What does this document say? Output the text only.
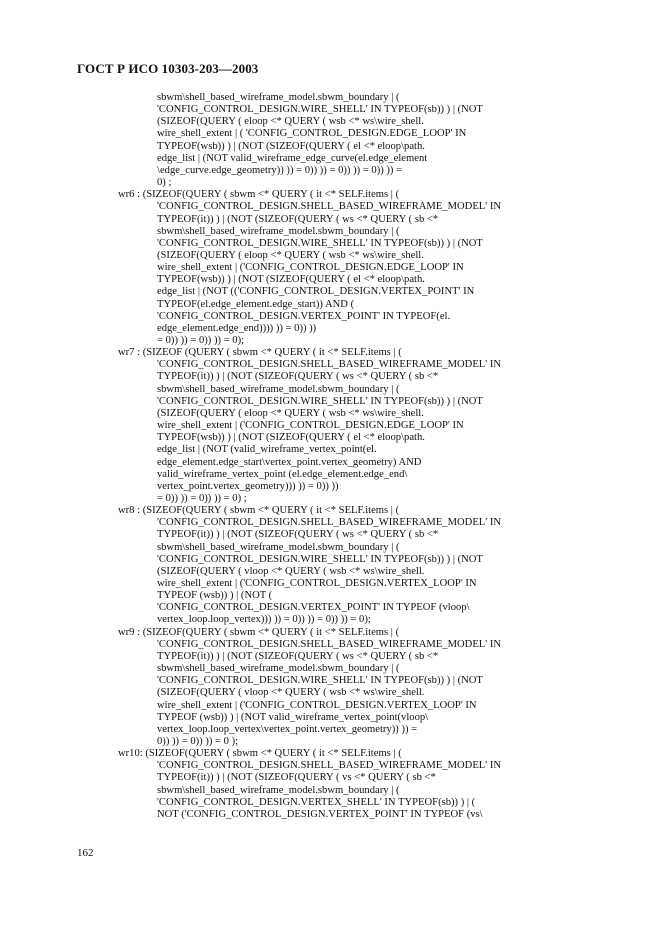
ГОСТ Р ИСО 10303-203—2003
sbwm\shell_based_wireframe_model.sbwm_boundary | (
'CONFIG_CONTROL_DESIGN.WIRE_SHELL' IN TYPEOF(sb)) ) | (NOT
(SIZEOF(QUERY ( eloop <* QUERY ( wsb <* ws\wire_shell.
wire_shell_extent | ( 'CONFIG_CONTROL_DESIGN.EDGE_LOOP' IN
TYPEOF(wsb)) ) | (NOT (SIZEOF(QUERY ( el <* eloop\path.
edge_list | (NOT valid_wireframe_edge_curve(el.edge_element
\edge_curve.edge_geometry)) )) = 0)) )) = 0)) )) = 0)) )) =
0) ;
wr6 : (SIZEOF(QUERY ( sbwm <* QUERY ( it <* SELF.items | (
'CONFIG_CONTROL_DESIGN.SHELL_BASED_WIREFRAME_MODEL' IN
TYPEOF(it)) ) | (NOT (SIZEOF(QUERY ( ws <* QUERY ( sb <*
sbwm\shell_based_wireframe_model.sbwm_boundary | (
'CONFIG_CONTROL_DESIGN.WIRE_SHELL' IN TYPEOF(sb)) ) | (NOT
(SIZEOF(QUERY ( eloop <* QUERY ( wsb <* ws\wire_shell.
wire_shell_extent | ('CONFIG_CONTROL_DESIGN.EDGE_LOOP' IN
TYPEOF(wsb)) ) | (NOT (SIZEOF(QUERY ( el <* eloop\path.
edge_list | (NOT (('CONFIG_CONTROL_DESIGN.VERTEX_POINT' IN
TYPEOF(el.edge_element.edge_start)) AND (
'CONFIG_CONTROL_DESIGN.VERTEX_POINT' IN TYPEOF(el.
edge_element.edge_end)))) )) = 0)) ))
= 0)) )) = 0)) )) = 0);
wr7 : (SIZEOF (QUERY ( sbwm <* QUERY ( it <* SELF.items | (
'CONFIG_CONTROL_DESIGN.SHELL_BASED_WIREFRAME_MODEL' IN
TYPEOF(it)) ) | (NOT (SIZEOF(QUERY ( ws <* QUERY ( sb <*
sbwm\shell_based_wireframe_model.sbwm_boundary | (
'CONFIG_CONTROL_DESIGN.WIRE_SHELL' IN TYPEOF(sb)) ) | (NOT
(SIZEOF(QUERY ( eloop <* QUERY ( wsb <* ws\wire_shell.
wire_shell_extent | ('CONFIG_CONTROL_DESIGN.EDGE_LOOP' IN
TYPEOF(wsb)) ) | (NOT (SIZEOF(QUERY ( el <* eloop\path.
edge_list | (NOT (valid_wireframe_vertex_point(el.
edge_element.edge_start\vertex_point.vertex_geometry) AND
valid_wireframe_vertex_point (el.edge_element.edge_end\
vertex_point.vertex_geometry))) )) = 0)) ))
= 0)) )) = 0)) )) = 0) ;
wr8 : (SIZEOF(QUERY ( sbwm <* QUERY ( it <* SELF.items | (
'CONFIG_CONTROL_DESIGN.SHELL_BASED_WIREFRAME_MODEL' IN
TYPEOF(it)) ) | (NOT (SIZEOF(QUERY ( ws <* QUERY ( sb <*
sbwm\shell_based_wireframe_model.sbwm_boundary | (
'CONFIG_CONTROL_DESIGN.WIRE_SHELL' IN TYPEOF(sb)) ) | (NOT
(SIZEOF(QUERY ( vloop <* QUERY ( wsb <* ws\wire_shell.
wire_shell_extent | ('CONFIG_CONTROL_DESIGN.VERTEX_LOOP' IN
TYPEOF (wsb)) ) | (NOT (
'CONFIG_CONTROL_DESIGN.VERTEX_POINT' IN TYPEOF (vloop\
vertex_loop.loop_vertex))) )) = 0)) )) = 0)) )) = 0);
wr9 : (SIZEOF(QUERY ( sbwm <* QUERY ( it <* SELF.items | (
'CONFIG_CONTROL_DESIGN.SHELL_BASED_WIREFRAME_MODEL' IN
TYPEOF(it)) ) | (NOT (SIZEOF(QUERY ( ws <* QUERY ( sb <*
sbwm\shell_based_wireframe_model.sbwm_boundary | (
'CONFIG_CONTROL_DESIGN.WIRE_SHELL' IN TYPEOF(sb)) ) | (NOT
(SIZEOF(QUERY ( vloop <* QUERY ( wsb <* ws\wire_shell.
wire_shell_extent | ('CONFIG_CONTROL_DESIGN.VERTEX_LOOP' IN
TYPEOF (wsb)) ) | (NOT valid_wireframe_vertex_point(vloop\
vertex_loop.loop_vertex\vertex_point.vertex_geometry)) )) =
0)) )) = 0)) )) = 0 );
wr10: (SIZEOF(QUERY ( sbwm <* QUERY ( it <* SELF.items | (
'CONFIG_CONTROL_DESIGN.SHELL_BASED_WIREFRAME_MODEL' IN
TYPEOF(it)) ) | (NOT (SIZEOF(QUERY ( vs <* QUERY ( sb <*
sbwm\shell_based_wireframe_model.sbwm_boundary | (
'CONFIG_CONTROL_DESIGN.VERTEX_SHELL' IN TYPEOF(sb)) ) | (
NOT ('CONFIG_CONTROL_DESIGN.VERTEX_POINT' IN TYPEOF (vs\
162
